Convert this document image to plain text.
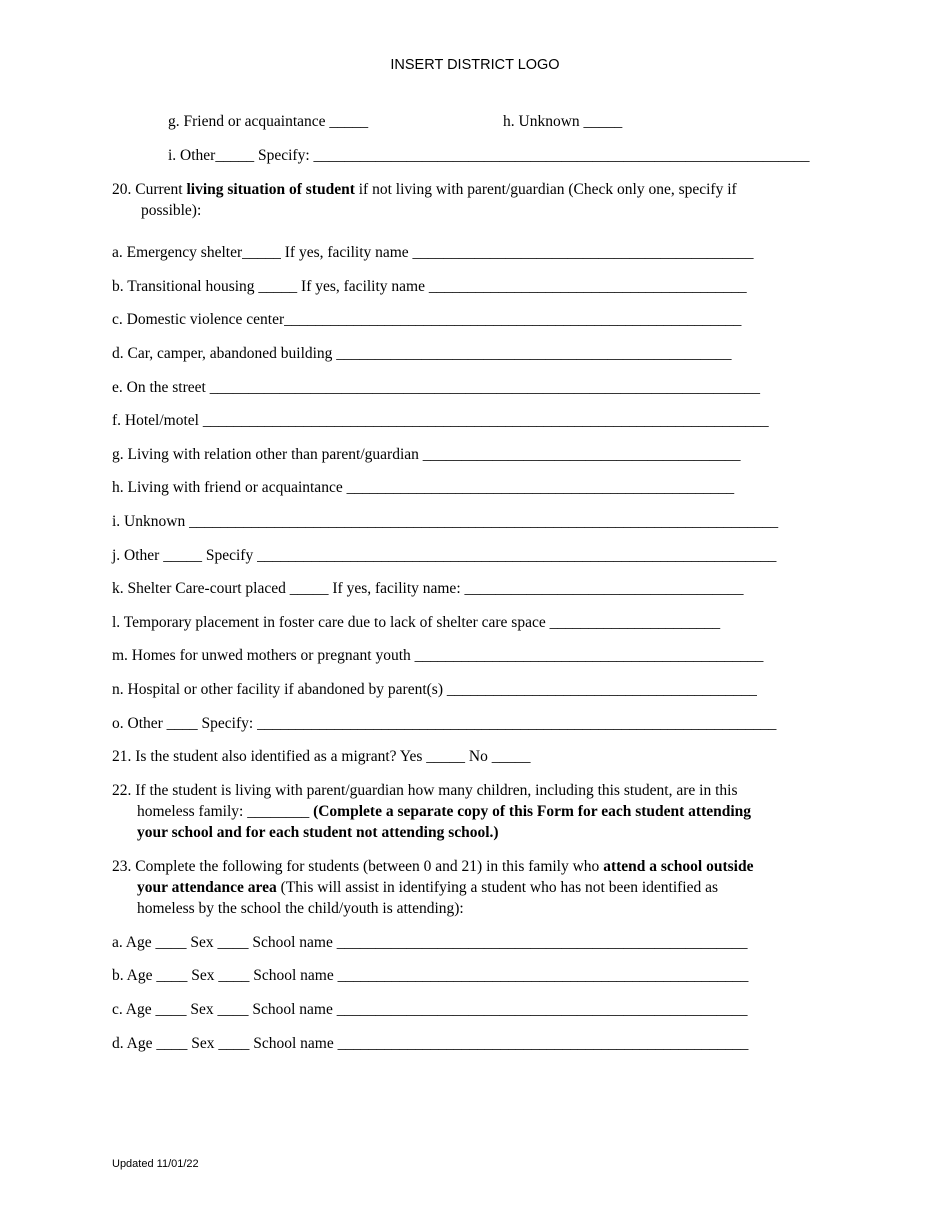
INSERT DISTRICT LOGO
g. Friend or acquaintance _____	h. Unknown _____
i. Other_____ Specify: ________________________________________________________________
20. Current living situation of student if not living with parent/guardian (Check only one, specify if
possible):
a. Emergency shelter_____ If yes, facility name ____________________________________________
b. Transitional housing _____ If yes, facility name _________________________________________
c. Domestic violence center___________________________________________________________
d. Car, camper, abandoned building ___________________________________________________
e. On the street _______________________________________________________________________
f. Hotel/motel _________________________________________________________________________
g. Living with relation other than parent/guardian _________________________________________
h. Living with friend or acquaintance __________________________________________________
i. Unknown ____________________________________________________________________________
j. Other _____ Specify ___________________________________________________________________
k. Shelter Care-court placed _____ If yes, facility name: ____________________________________
l. Temporary placement in foster care due to lack of shelter care space ______________________
m. Homes for unwed mothers or pregnant youth _____________________________________________
n. Hospital or other facility if abandoned by parent(s) ________________________________________
o. Other ____ Specify: ___________________________________________________________________
21. Is the student also identified as a migrant? Yes _____ No _____
22. If the student is living with parent/guardian how many children, including this student, are in this
homeless family: ________ (Complete a separate copy of this Form for each student attending
your school and for each student not attending school.)
23. Complete the following for students (between 0 and 21) in this family who attend a school outside
your attendance area (This will assist in identifying a student who has not been identified as
homeless by the school the child/youth is attending):
a. Age ____ Sex ____ School name _____________________________________________________
b. Age ____ Sex ____ School name _____________________________________________________
c. Age ____ Sex ____ School name _____________________________________________________
d. Age ____ Sex ____ School name _____________________________________________________
Updated 11/01/22
